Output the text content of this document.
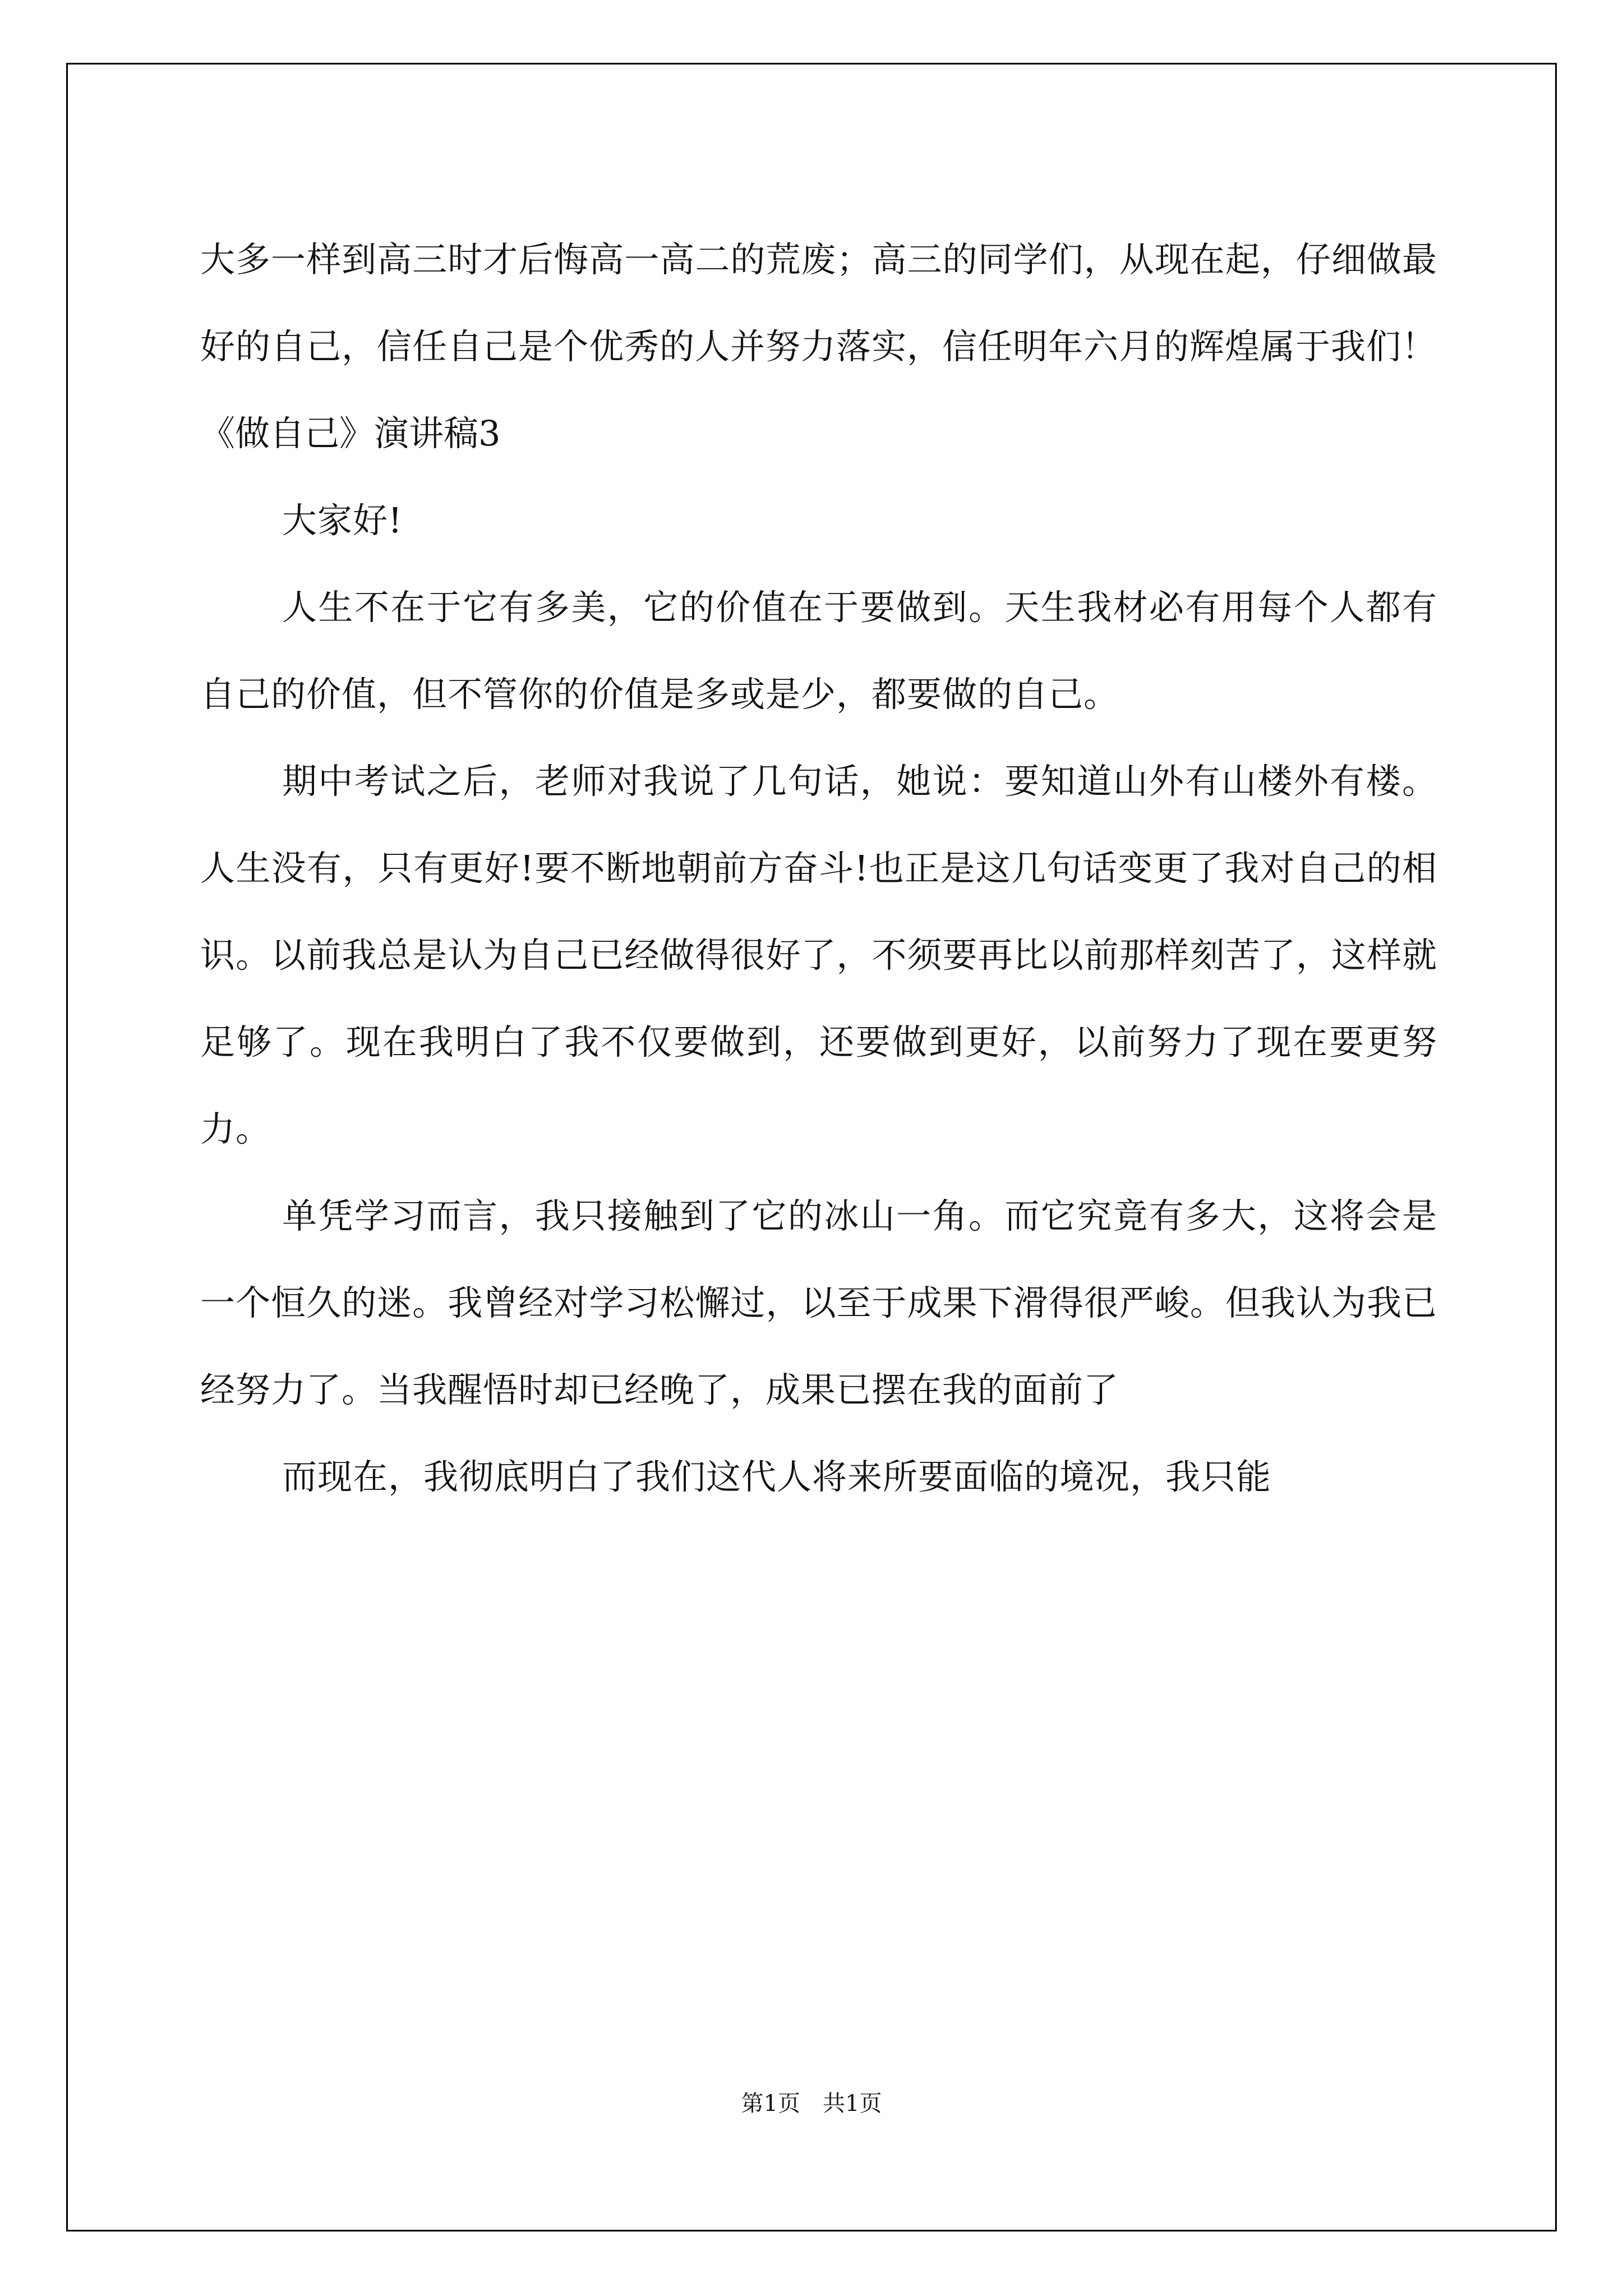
大多一样到高三时才后悔高一高二的荒废；高三的同学们，从现在起，仔细做最好的自己，信任自己是个优秀的人并努力落实，信任明年六月的辉煌属于我们！

《做自己》演讲稿3

大家好!

人生不在于它有多美，它的价值在于要做到。天生我材必有用每个人都有自己的价值，但不管你的价值是多或是少，都要做的自己。

期中考试之后，老师对我说了几句话，她说：要知道山外有山楼外有楼。人生没有，只有更好!要不断地朝前方奋斗!也正是这几句话变更了我对自己的相识。以前我总是认为自己已经做得很好了，不须要再比以前那样刻苦了，这样就足够了。现在我明白了我不仅要做到，还要做到更好，以前努力了现在要更努力。

单凭学习而言，我只接触到了它的冰山一角。而它究竟有多大，这将会是一个恒久的迷。我曾经对学习松懈过，以至于成果下滑得很严峻。但我认为我已经努力了。当我醒悟时却已经晚了，成果已摆在我的面前了

而现在，我彻底明白了我们这代人将来所要面临的境况，我只能

第1页　共1页
